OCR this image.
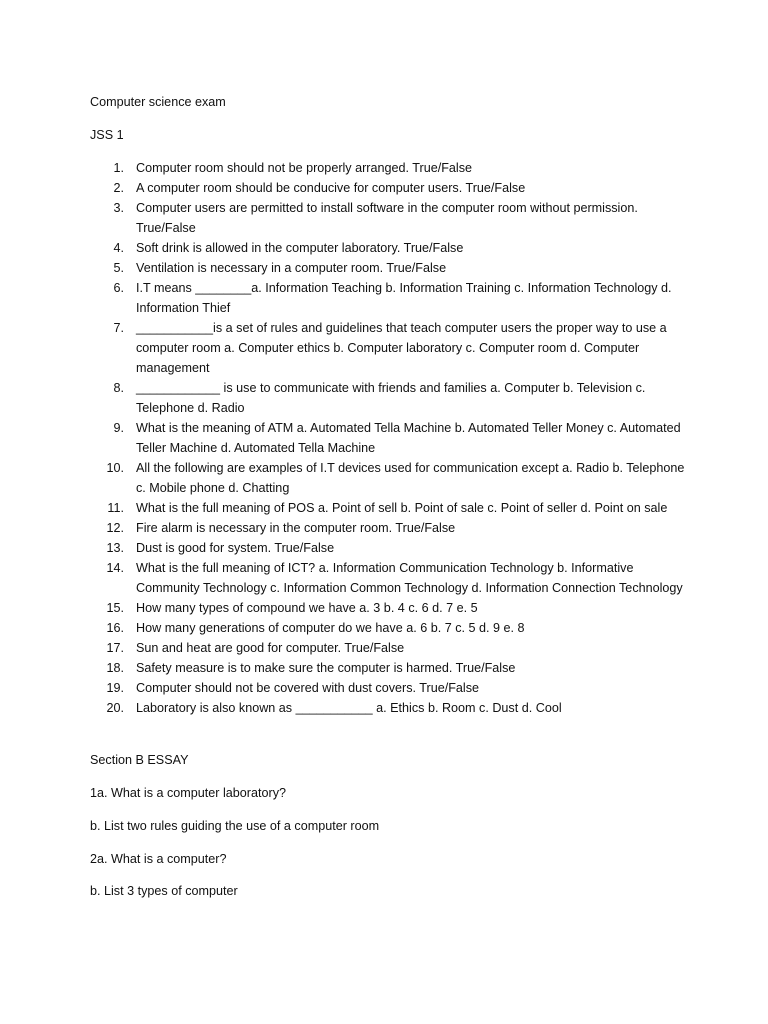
Computer science exam
JSS 1
1. Computer room should not be properly arranged. True/False
2. A computer room should be conducive for computer users. True/False
3. Computer users are permitted to install software in the computer room without permission. True/False
4. Soft drink is allowed in the computer laboratory. True/False
5. Ventilation is necessary in a computer room. True/False
6. I.T means ________a. Information Teaching b. Information Training c. Information Technology d. Information Thief
7. ___________is a set of rules and guidelines that teach computer users the proper way to use a computer room a. Computer ethics b. Computer laboratory c. Computer room d. Computer management
8. ____________ is use to communicate with friends and families a. Computer b. Television c. Telephone d. Radio
9. What is the meaning of ATM a. Automated Tella Machine b. Automated Teller Money c. Automated Teller Machine d. Automated Tella Machine
10. All the following are examples of I.T devices used for communication except a. Radio b. Telephone c. Mobile phone d. Chatting
11. What is the full meaning of POS a. Point of sell b. Point of sale c. Point of seller d. Point on sale
12. Fire alarm is necessary in the computer room. True/False
13. Dust is good for system. True/False
14. What is the full meaning of ICT? a. Information Communication Technology b. Informative Community Technology c. Information Common Technology d. Information Connection Technology
15. How many types of compound we have a. 3 b. 4 c. 6 d. 7 e. 5
16. How many generations of computer do we have a. 6 b. 7 c. 5 d. 9 e. 8
17. Sun and heat are good for computer. True/False
18. Safety measure is to make sure the computer is harmed. True/False
19. Computer should not be covered with dust covers. True/False
20. Laboratory is also known as ___________ a. Ethics b. Room c. Dust d. Cool
Section B ESSAY
1a. What is a computer laboratory?
b. List two rules guiding the use of a computer room
2a. What is a computer?
b. List 3 types of computer
